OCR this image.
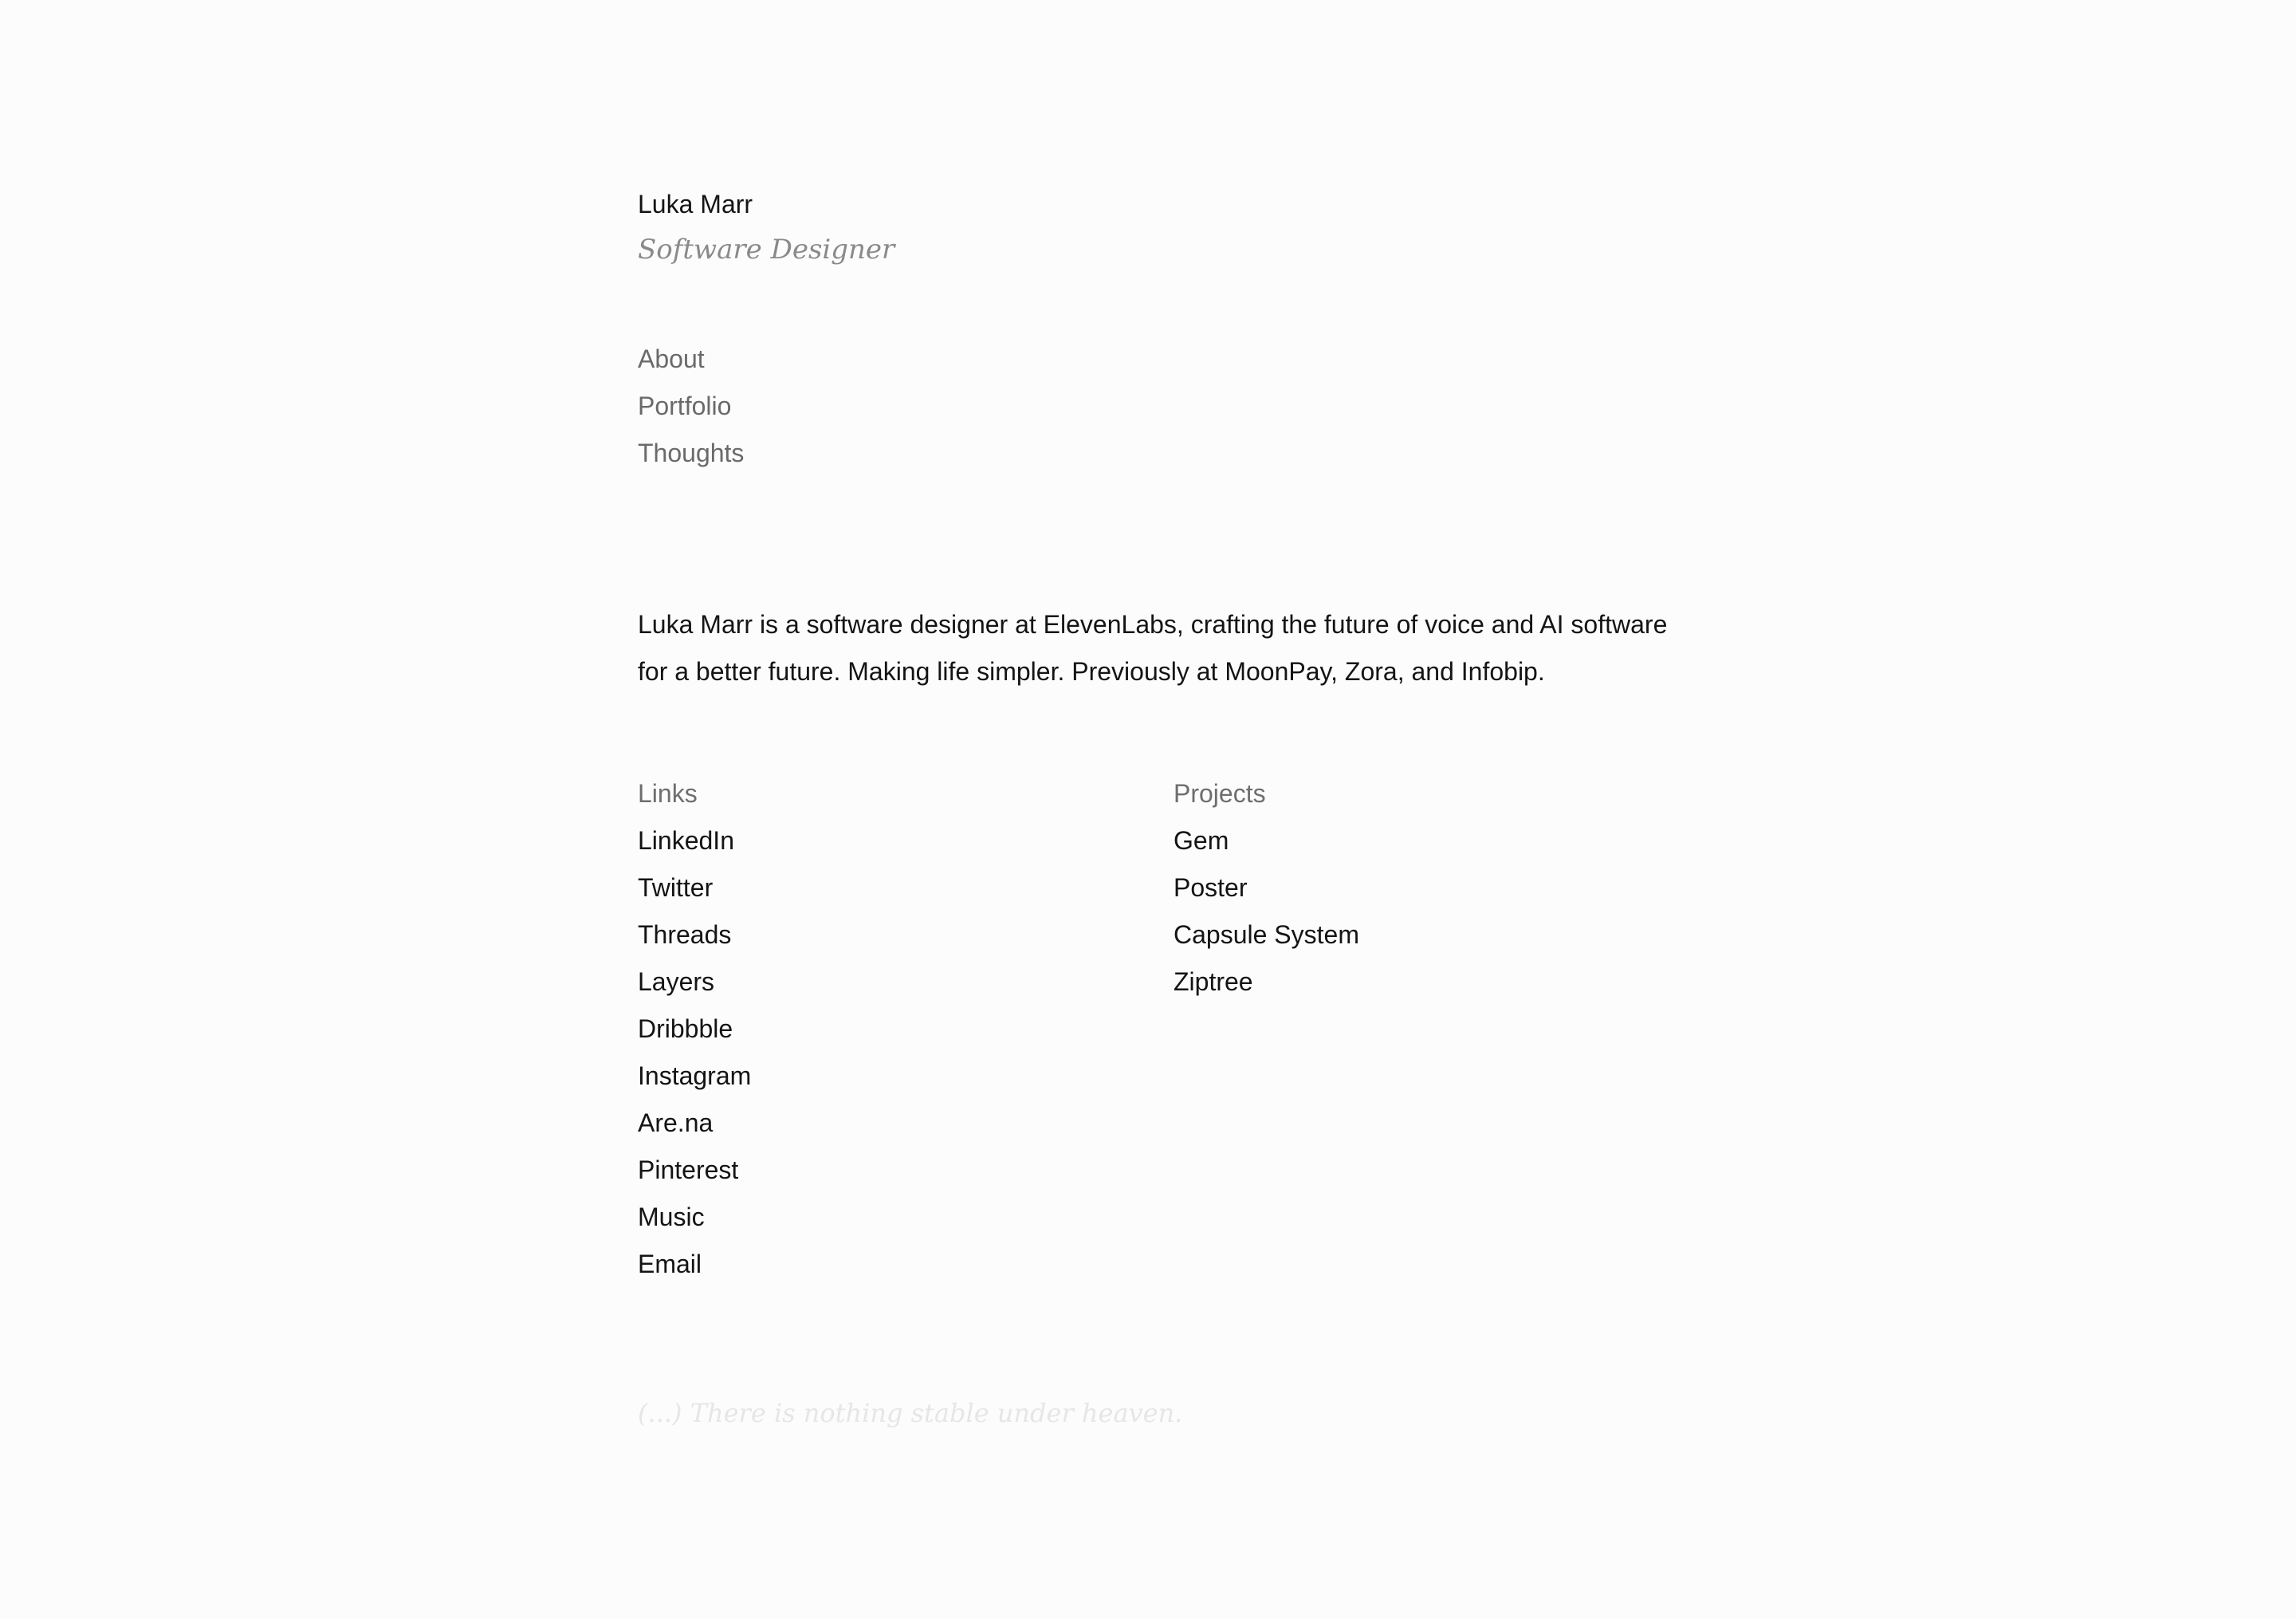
Luka Marr
Software Designer
About
Portfolio
Thoughts

Luka Marr is a software designer at ElevenLabs, crafting the future of voice and AI software for a better future. Making life simpler. Previously at MoonPay, Zora, and Infobip.

Links
LinkedIn
Twitter
Threads
Layers
Dribbble
Instagram
Are.na
Pinterest
Music
Email
Projects
Gem
Poster
Capsule System
Ziptree
(...) There is nothing stable under heaven.
